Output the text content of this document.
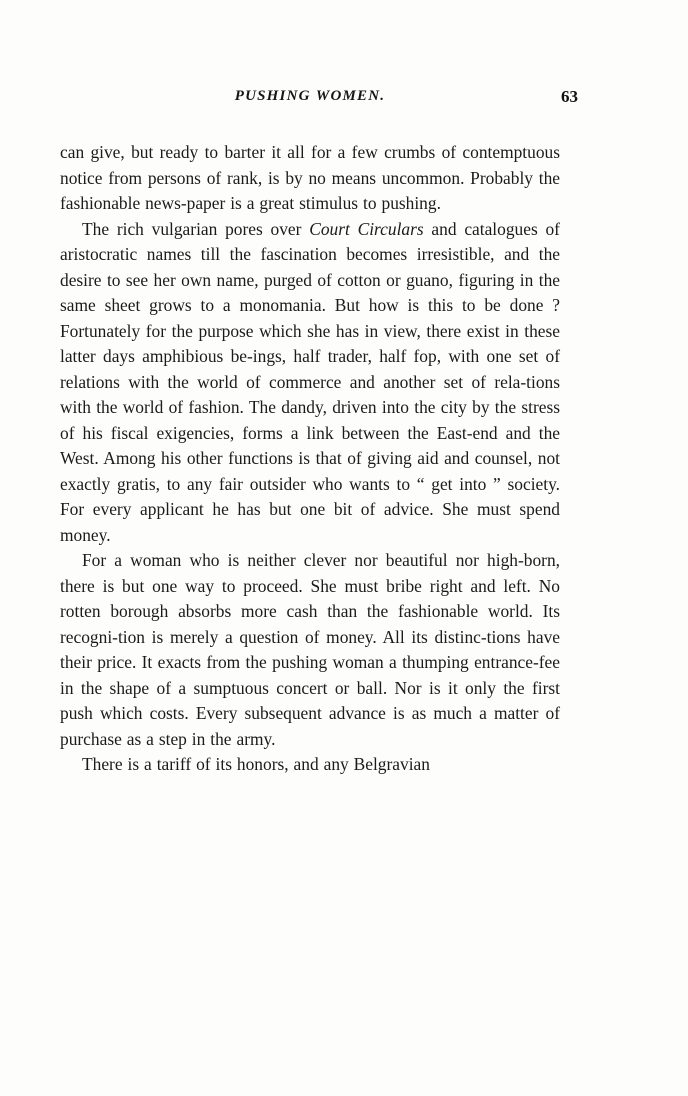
PUSHING WOMEN.	63

can give, but ready to barter it all for a few crumbs of contemptuous notice from persons of rank, is by no means uncommon. Probably the fashionable news-paper is a great stimulus to pushing.

The rich vulgarian pores over Court Circulars and catalogues of aristocratic names till the fascination becomes irresistible, and the desire to see her own name, purged of cotton or guano, figuring in the same sheet grows to a monomania. But how is this to be done ? Fortunately for the purpose which she has in view, there exist in these latter days amphibious be-ings, half trader, half fop, with one set of relations with the world of commerce and another set of rela-tions with the world of fashion. The dandy, driven into the city by the stress of his fiscal exigencies, forms a link between the East-end and the West. Among his other functions is that of giving aid and counsel, not exactly gratis, to any fair outsider who wants to “ get into ” society. For every applicant he has but one bit of advice. She must spend money.

For a woman who is neither clever nor beautiful nor high-born, there is but one way to proceed. She must bribe right and left. No rotten borough absorbs more cash than the fashionable world. Its recogni-tion is merely a question of money. All its distinc-tions have their price. It exacts from the pushing woman a thumping entrance-fee in the shape of a sumptuous concert or ball. Nor is it only the first push which costs. Every subsequent advance is as much a matter of purchase as a step in the army.

There is a tariff of its honors, and any Belgravian
